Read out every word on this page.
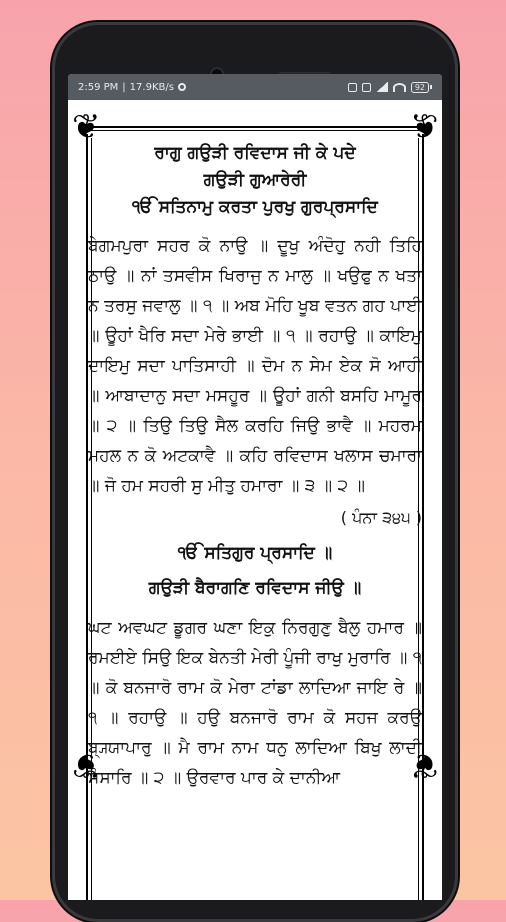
2:59 PM | 17.9KB/s	92
❦	❦
❦	❦
ਰਾਗੁ ਗਉੜੀ ਰਵਿਦਾਸ ਜੀ ਕੇ ਪਦੇ
ਗਉੜੀ ਗੁਆਰੇਰੀ
ੴ ਸਤਿਨਾਮੁ ਕਰਤਾ ਪੁਰਖੁ ਗੁਰਪ੍ਰਸਾਦਿ
ਬੇਗਮਪੁਰਾ ਸਹਰ ਕੋ ਨਾਉ ॥ ਦੂਖੁ ਅੰਦੋਹੁ ਨਹੀ ਤਿਹਿ ਠਾਉ ॥ ਨਾਂ ਤਸਵੀਸ ਖਿਰਾਜੁ ਨ ਮਾਲੁ ॥ ਖਉਫੁ ਨ ਖਤਾ ਨ ਤਰਸੁ ਜਵਾਲੁ ॥ ੧ ॥ ਅਬ ਮੋਹਿ ਖੂਬ ਵਤਨ ਗਹ ਪਾਈ ॥ ਊਹਾਂ ਖੈਰਿ ਸਦਾ ਮੇਰੇ ਭਾਈ ॥ ੧ ॥ ਰਹਾਉ ॥ ਕਾਇਮੁ ਦਾਇਮੁ ਸਦਾ ਪਾਤਿਸਾਹੀ ॥ ਦੋਮ ਨ ਸੇਮ ਏਕ ਸੋ ਆਹੀ ॥ ਆਬਾਦਾਨੁ ਸਦਾ ਮਸਹੂਰ ॥ ਊਹਾਂ ਗਨੀ ਬਸਹਿ ਮਾਮੂਰ ॥ ੨ ॥ ਤਿਉ ਤਿਉ ਸੈਲ ਕਰਹਿ ਜਿਉ ਭਾਵੈ ॥ ਮਹਰਮ ਮਹਲ ਨ ਕੋ ਅਟਕਾਵੈ ॥ ਕਹਿ ਰਵਿਦਾਸ ਖਲਾਸ ਚਮਾਰਾ ॥ ਜੋ ਹਮ ਸਹਰੀ ਸੁ ਮੀਤੁ ਹਮਾਰਾ ॥ ੩ ॥ ੨ ॥
( ਪੰਨਾ ੩੪੫ )
ੴ ਸਤਿਗੁਰ ਪ੍ਰਸਾਦਿ ॥
ਗਉੜੀ ਬੈਰਾਗਣਿ ਰਵਿਦਾਸ ਜੀਉ ॥
ਘਟ ਅਵਘਟ ਡੂਗਰ ਘਣਾ ਇਕੁ ਨਿਰਗੁਣੁ ਬੈਲੁ ਹਮਾਰ ॥ ਰਮਈਏ ਸਿਉ ਇਕ ਬੇਨਤੀ ਮੇਰੀ ਪੂੰਜੀ ਰਾਖੁ ਮੁਰਾਰਿ ॥ ੧ ॥ ਕੋ ਬਨਜਾਰੋ ਰਾਮ ਕੋ ਮੇਰਾ ਟਾਂਡਾ ਲਾਦਿਆ ਜਾਇ ਰੇ ॥ ੧ ॥ ਰਹਾਉ ॥ ਹਉ ਬਨਜਾਰੋ ਰਾਮ ਕੋ ਸਹਜ ਕਰਉ ਬ੍ਯ੍ਯਾਪਾਰੁ ॥ ਮੈ ਰਾਮ ਨਾਮ ਧਨੁ ਲਾਦਿਆ ਬਿਖੁ ਲਾਦੀ ਸੰਸਾਰਿ ॥ ੨ ॥ ਉਰਵਾਰ ਪਾਰ ਕੇ ਦਾਨੀਆ
